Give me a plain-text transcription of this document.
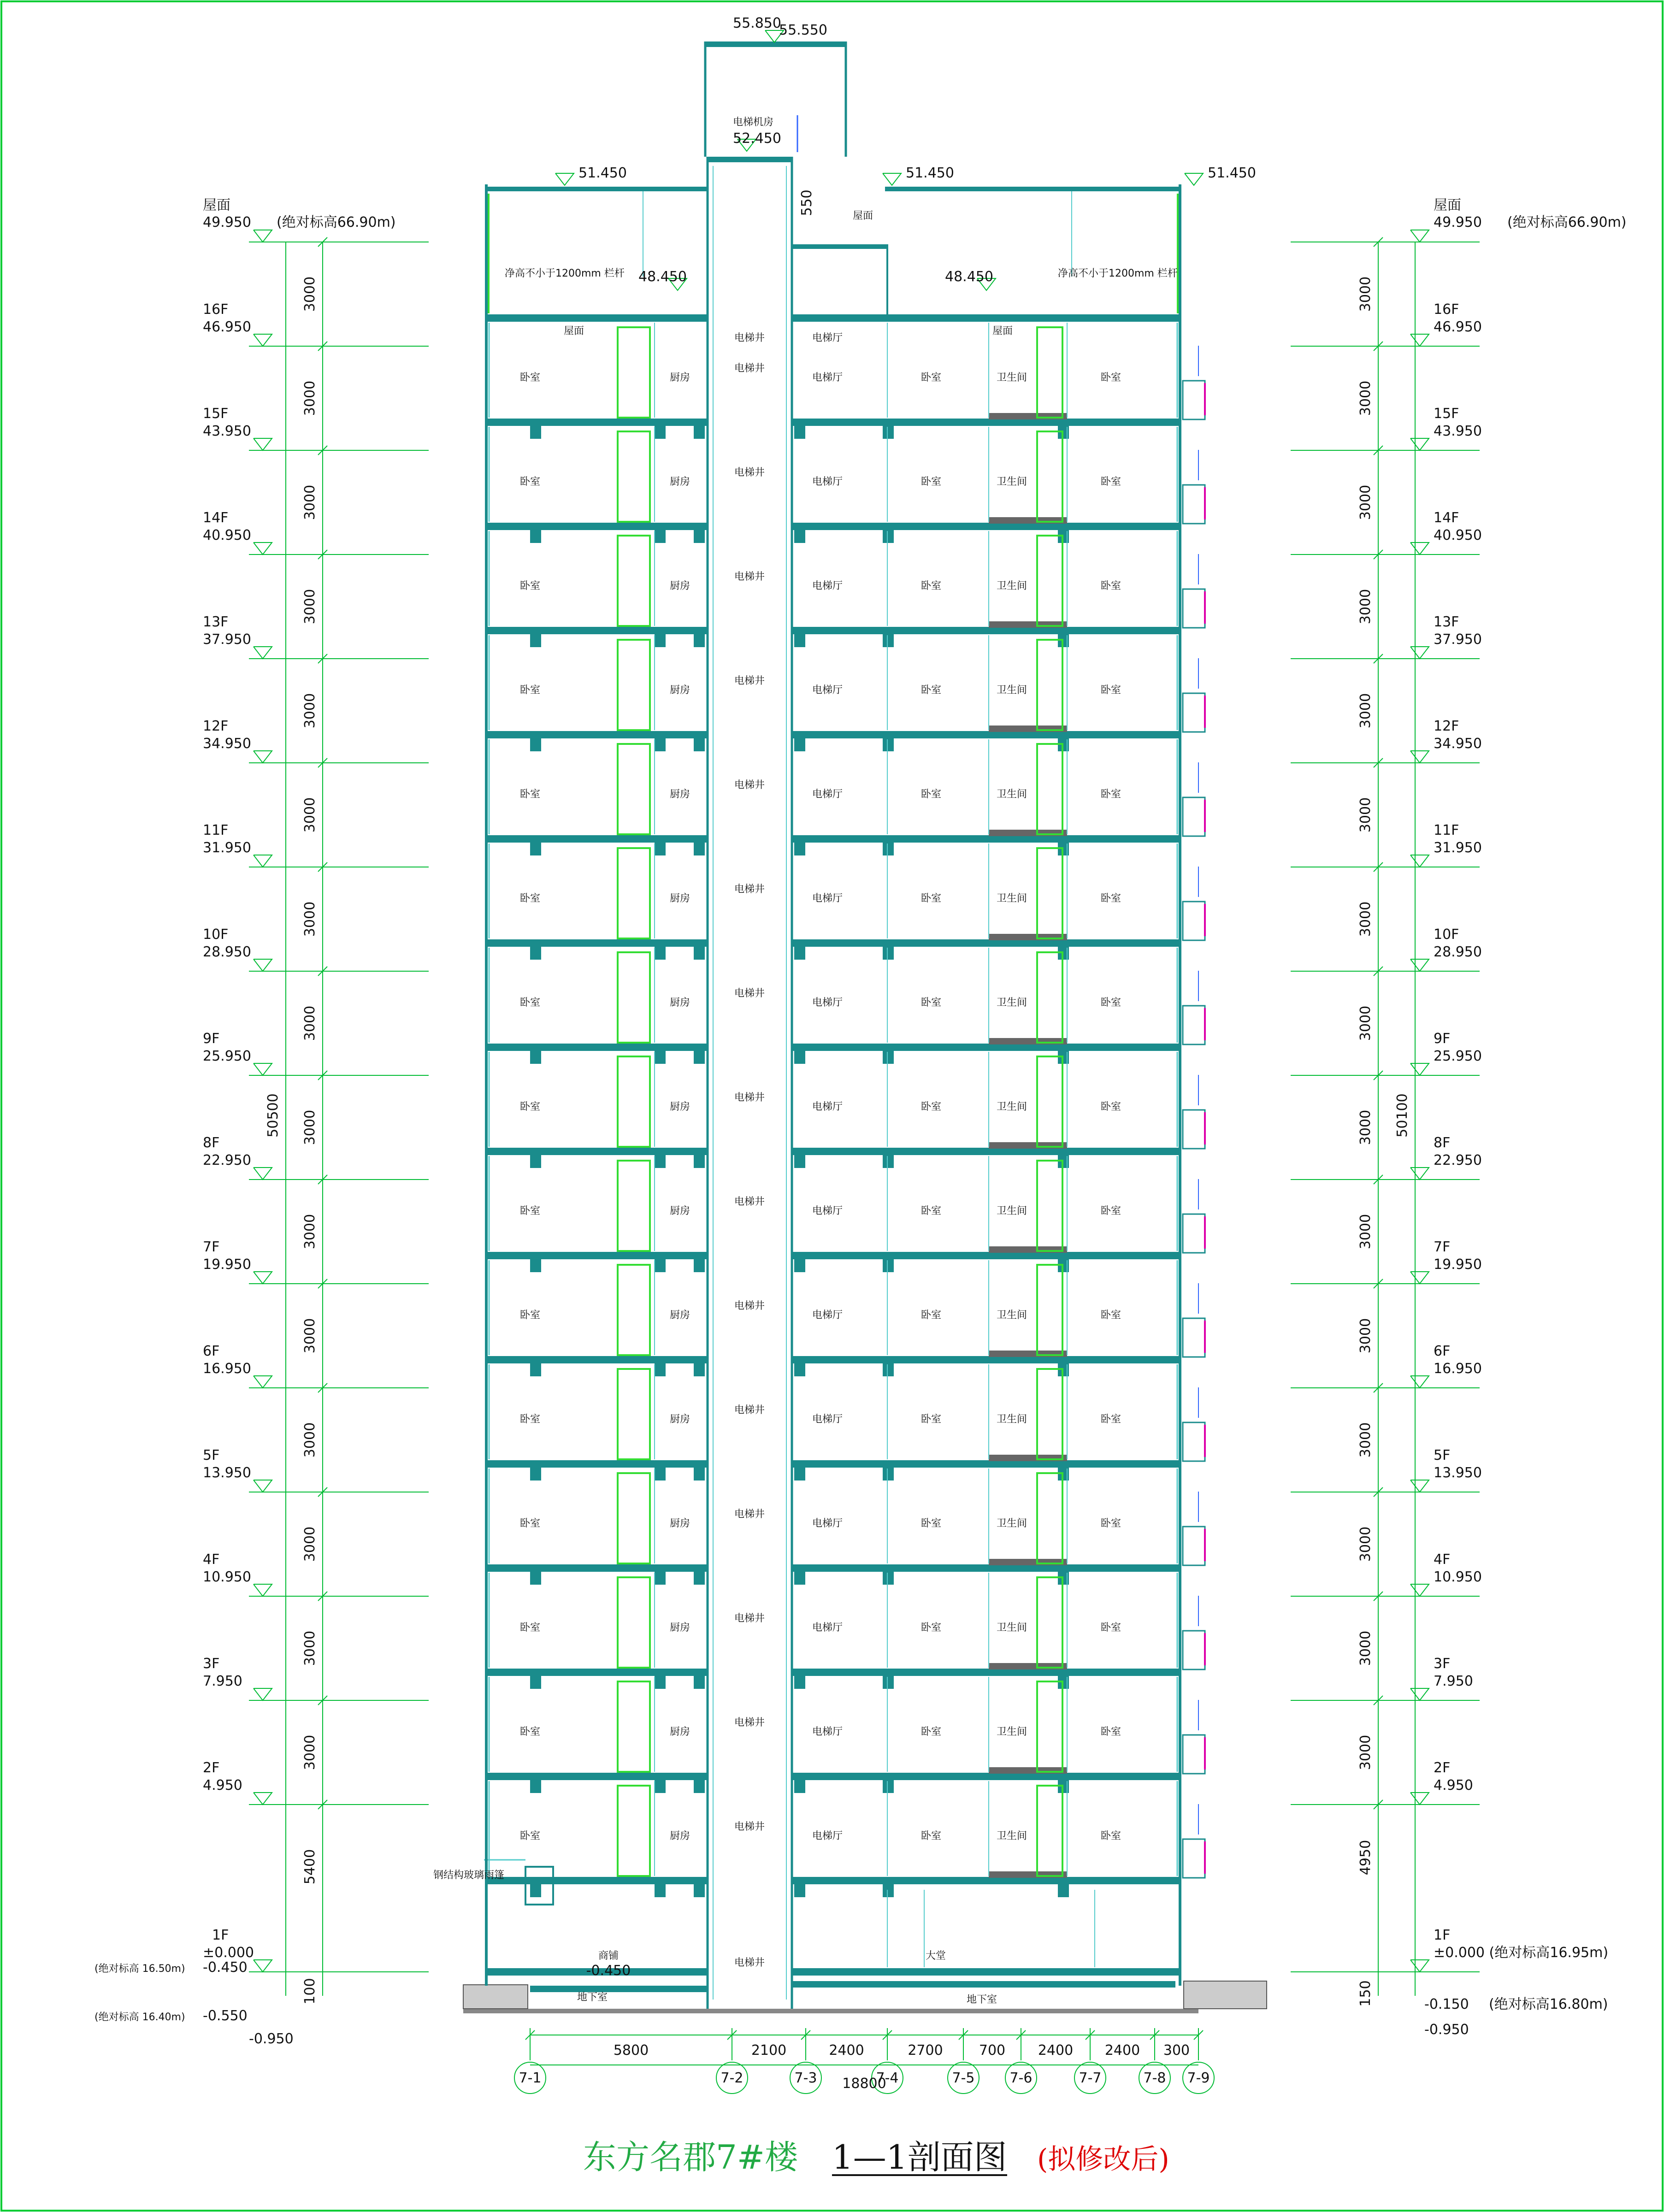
卧室	厨房
电梯井
电梯厅	卧室	卫生间	卧室
卧室	厨房
电梯井
电梯厅	卧室	卫生间	卧室
卧室	厨房
电梯井
电梯厅	卧室	卫生间	卧室
卧室	厨房
电梯井
电梯厅	卧室	卫生间	卧室
卧室	厨房
电梯井
电梯厅	卧室	卫生间	卧室
卧室	厨房
电梯井
电梯厅	卧室	卫生间	卧室
卧室	厨房
电梯井
电梯厅	卧室	卫生间	卧室
卧室	厨房
电梯井
电梯厅	卧室	卫生间	卧室
卧室	厨房
电梯井
电梯厅	卧室	卫生间	卧室
卧室	厨房
电梯井
电梯厅	卧室	卫生间	卧室
卧室	厨房
电梯井
电梯厅	卧室	卫生间	卧室
卧室	厨房
电梯井
电梯厅	卧室	卫生间	卧室
卧室	厨房
电梯井
电梯厅	卧室	卫生间	卧室
卧室	厨房
电梯井
电梯厅	卧室	卫生间	卧室
卧室	厨房
电梯井
电梯厅	卧室	卫生间	卧室
55.850
55.550
电梯机房
52.450
51.450	51.450	51.450
550	屋面
净高不小于1200mm 栏杆 48.450	48.450	净高不小于1200mm 栏杆
屋面
电梯井	电梯厅
屋面
屋面
49.950 (绝对标高66.90m)
16F
46.950
3000
15F
43.950
3000
14F
40.950
3000
13F
37.950
3000
12F
34.950
3000
11F
31.950
3000
10F
28.950
3000
9F
25.950
3000
8F
22.950
3000
7F
19.950
3000
6F
16.950
3000
5F
13.950
3000
4F
10.950
3000
3F
7.950
3000
2F
4.950
3000
1F
±0.000
(绝对标高 16.50m) -0.450
(绝对标高 16.40m) -0.550
-0.950
5400
100
50500
屋面
49.950 (绝对标高66.90m)
16F
46.950
3000
15F
43.950
3000
14F
40.950
3000
13F
37.950
3000
12F
34.950
3000
11F
31.950
3000
10F
28.950
3000
9F
25.950
3000
8F
22.950
3000
7F
19.950
3000
6F
16.950
3000
5F
13.950
3000
4F
10.950
3000
3F
7.950
3000
2F
4.950
3000
1F
±0.000 (绝对标高16.95m)
-0.150 (绝对标高16.80m)
-0.950
4950
150
50100
商铺
-0.450
地下室
电梯井
大堂
地下室
钢结构玻璃雨篷
5800	2100	2400	2700	700 2400 2400 300
18800
7-1	7-2	7-3	7-4	7-5	7-6	7-7	7-8 7-9
东方名郡7#楼 1—1剖面图 (拟修改后)
